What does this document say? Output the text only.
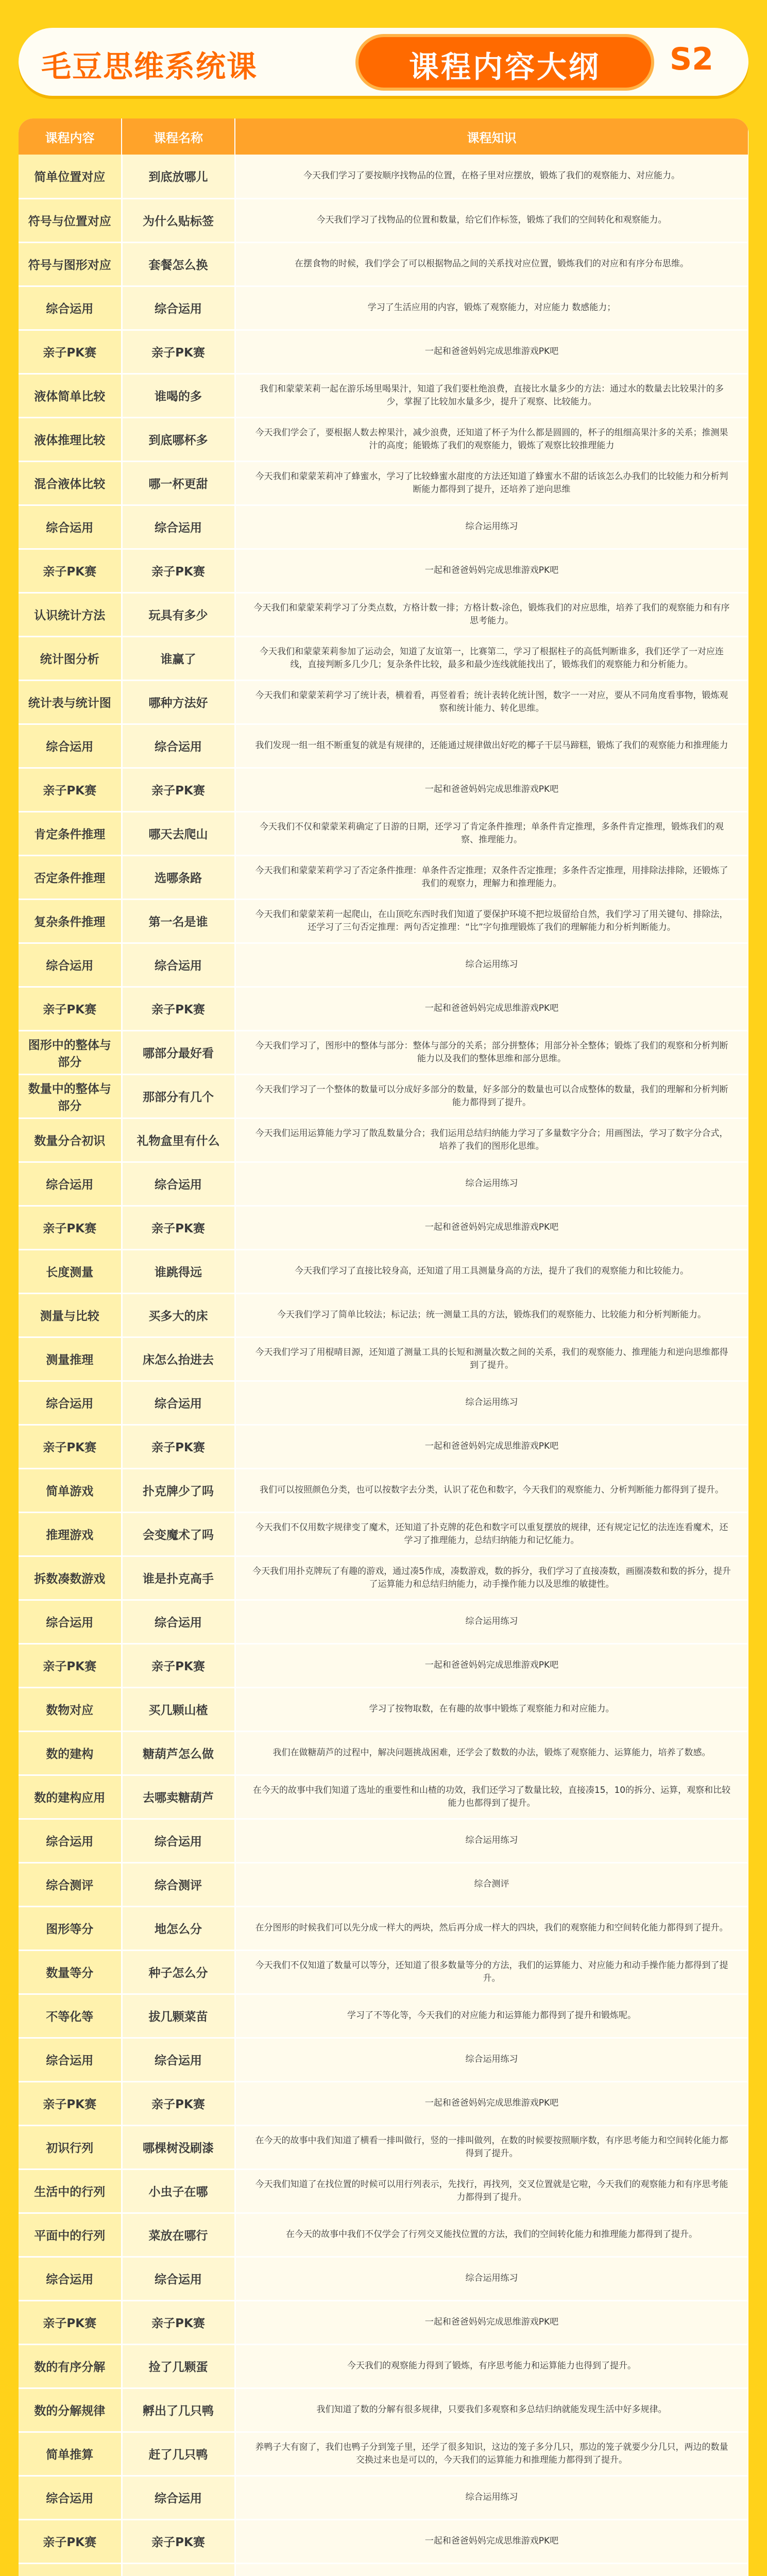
毛豆思维系统课	课程内容大纲	S2
课程内容	课程名称	课程知识
简单位置对应	到底放哪儿	今天我们学习了要按顺序找物品的位置，在格子里对应摆放，锻炼了我们的观察能力、对应能力。
符号与位置对应	为什么贴标签	今天我们学习了找物品的位置和数量，给它们作标签，锻炼了我们的空间转化和观察能力。
符号与图形对应	套餐怎么换	在摆食物的时候，我们学会了可以根据物品之间的关系找对应位置，锻炼我们的对应和有序分布思维。
综合运用	综合运用	学习了生活应用的内容，锻炼了观察能力，对应能力 数感能力；
亲子PK赛	亲子PK赛	一起和爸爸妈妈完成思维游戏PK吧
液体简单比较	谁喝的多	我们和蒙蒙茉莉一起在游乐场里喝果汁，知道了我们要杜绝浪费，直接比水量多少的方法：通过水的数量去比较果汁的多少，掌握了比较加水量多少，提升了观察、比较能力。
液体推理比较	到底哪杯多	今天我们学会了，要根据人数去榨果汁，减少浪费，还知道了杯子为什么都是圆圆的，杯子的组细高果汁多的关系；推测果汁的高度；能锻炼了我们的观察能力，锻炼了观察比较推理能力
混合液体比较	哪一杯更甜	今天我们和蒙蒙茉莉冲了蜂蜜水，学习了比较蜂蜜水甜度的方法还知道了蜂蜜水不甜的话该怎么办我们的比较能力和分析判断能力都得到了提升，还培养了逆向思维
综合运用	综合运用	综合运用练习
亲子PK赛	亲子PK赛	一起和爸爸妈妈完成思维游戏PK吧
认识统计方法	玩具有多少	今天我们和蒙蒙茉莉学习了分类点数，方格计数一排；方格计数-涂色，锻炼我们的对应思维，培养了我们的观察能力和有序思考能力。
统计图分析	谁赢了	今天我们和蒙蒙茉莉参加了运动会，知道了友谊第一，比赛第二，学习了根据柱子的高低判断谁多，我们还学了一对应连线，直接判断多几少几；复杂条件比较，最多和最少连线就能找出了，锻炼我们的观察能力和分析能力。
统计表与统计图	哪种方法好	今天我们和蒙蒙茉莉学习了统计表，横着看，再竖着看；统计表转化统计图，数字一一对应，要从不同角度看事物，锻炼观察和统计能力、转化思维。
综合运用	综合运用	我们发现一组一组不断重复的就是有规律的，还能通过规律做出好吃的椰子干层马蹄糕，锻炼了我们的观察能力和推理能力
亲子PK赛	亲子PK赛	一起和爸爸妈妈完成思维游戏PK吧
肯定条件推理	哪天去爬山	今天我们不仅和蒙蒙茉莉确定了日游的日期，还学习了肯定条件推理；单条件肯定推理，多条件肯定推理，锻炼我们的观察、推理能力。
否定条件推理	选哪条路	今天我们和蒙蒙茉莉学习了否定条件推理：单条件否定推理；双条件否定推理；多条件否定推理，用排除法排除，还锻炼了我们的观察力，理解力和推理能力。
复杂条件推理	第一名是谁	今天我们和蒙蒙茉莉一起爬山，在山顶吃东西时我们知道了要保护环境不把垃圾留给自然，我们学习了用关键句、排除法，还学习了三句否定推理：两句否定推理：“比”字句推理锻炼了我们的理解能力和分析判断能力。
综合运用	综合运用	综合运用练习
亲子PK赛	亲子PK赛	一起和爸爸妈妈完成思维游戏PK吧
图形中的整体与部分	哪部分最好看	今天我们学习了，图形中的整体与部分：整体与部分的关系；部分拼整体；用部分补全整体；锻炼了我们的观察和分析判断能力以及我们的整体思维和部分思维。
数量中的整体与部分	那部分有几个	今天我们学习了一个整体的数量可以分成好多部分的数量，好多部分的数量也可以合成整体的数量，我们的理解和分析判断能力都得到了提升。
数量分合初识	礼物盒里有什么	今天我们运用运算能力学习了散乱数量分合；我们运用总结归纳能力学习了多量数字分合；用画图法，学习了数字分合式，培养了我们的图形化思维。
综合运用	综合运用	综合运用练习
亲子PK赛	亲子PK赛	一起和爸爸妈妈完成思维游戏PK吧
长度测量	谁跳得远	今天我们学习了直接比较身高，还知道了用工具测量身高的方法，提升了我们的观察能力和比较能力。
测量与比较	买多大的床	今天我们学习了简单比较法；标记法；统一测量工具的方法，锻炼我们的观察能力、比较能力和分析判断能力。
测量推理	床怎么抬进去	今天我们学习了用棍晴目源，还知道了测量工具的长短和测量次数之间的关系，我们的观察能力、推理能力和逆向思维都得到了提升。
综合运用	综合运用	综合运用练习
亲子PK赛	亲子PK赛	一起和爸爸妈妈完成思维游戏PK吧
简单游戏	扑克牌少了吗	我们可以按照颜色分类，也可以按数字去分类，认识了花色和数字，今天我们的观察能力、分析判断能力都得到了提升。
推理游戏	会变魔术了吗	今天我们不仅用数字规律变了魔术，还知道了扑克牌的花色和数字可以重复摆放的规律，还有规定记忆的法连连看魔术，还学习了推理能力，总结归纳能力和记忆能力。
拆数凑数游戏	谁是扑克高手	今天我们用扑克牌玩了有趣的游戏，通过凑5作成，凑数游戏，数的拆分，我们学习了直接凑数，画圈凑数和数的拆分，提升了运算能力和总结归纳能力，动手操作能力以及思维的敏捷性。
综合运用	综合运用	综合运用练习
亲子PK赛	亲子PK赛	一起和爸爸妈妈完成思维游戏PK吧
数物对应	买几颗山楂	学习了按物取数，在有趣的故事中锻炼了观察能力和对应能力。
数的建构	糖葫芦怎么做	我们在做糖葫芦的过程中，解决问题挑战困难，还学会了数数的办法，锻炼了观察能力、运算能力，培养了数感。
数的建构应用	去哪卖糖葫芦	在今天的故事中我们知道了选址的重要性和山楂的功效，我们还学习了数量比较，直接凑15，10的拆分、运算，观察和比较能力也都得到了提升。
综合运用	综合运用	综合运用练习
综合测评	综合测评	综合测评
图形等分	地怎么分	在分图形的时候我们可以先分成一样大的两块，然后再分成一样大的四块，我们的观察能力和空间转化能力都得到了提升。
数量等分	种子怎么分	今天我们不仅知道了数量可以等分，还知道了很多数量等分的方法，我们的运算能力、对应能力和动手操作能力都得到了提升。
不等化等	拔几颗菜苗	学习了不等化等，今天我们的对应能力和运算能力都得到了提升和锻炼呢。
综合运用	综合运用	综合运用练习
亲子PK赛	亲子PK赛	一起和爸爸妈妈完成思维游戏PK吧
初识行列	哪棵树没刷漆	在今天的故事中我们知道了横看一排叫做行，竖的一排叫做列，在数的时候要按照顺序数，有序思考能力和空间转化能力都得到了提升。
生活中的行列	小虫子在哪	今天我们知道了在找位置的时候可以用行列表示，先找行，再找列，交叉位置就是它啦，今天我们的观察能力和有序思考能力都得到了提升。
平面中的行列	菜放在哪行	在今天的故事中我们不仅学会了行列交叉能找位置的方法，我们的空间转化能力和推理能力都得到了提升。
综合运用	综合运用	综合运用练习
亲子PK赛	亲子PK赛	一起和爸爸妈妈完成思维游戏PK吧
数的有序分解	捡了几颗蛋	今天我们的观察能力得到了锻炼，有序思考能力和运算能力也得到了提升。
数的分解规律	孵出了几只鸭	我们知道了数的分解有很多规律，只要我们多观察和多总结归纳就能发现生活中好多规律。
简单推算	赶了几只鸭	养鸭子大有窗了，我们也鸭子分到笼子里，还学了很多知识，这边的笼子多分几只，那边的笼子就要少分几只，两边的数量交换过来也是可以的，今天我们的运算能力和推理能力都得到了提升。
综合运用	综合运用	综合运用练习
亲子PK赛	亲子PK赛	一起和爸爸妈妈完成思维游戏PK吧
